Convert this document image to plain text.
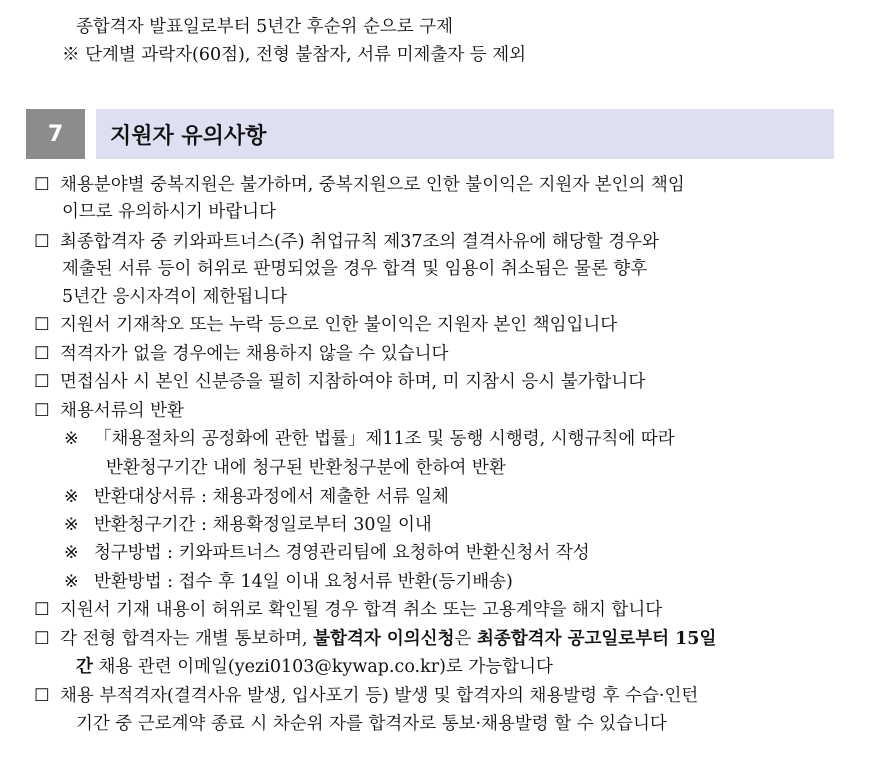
종합격자 발표일로부터 5년간 후순위 순으로 구제
※ 단계별 과락자(60점), 전형 불참자, 서류 미제출자 등 제외
7	지원자 유의사항
☐ 채용분야별 중복지원은 불가하며, 중복지원으로 인한 불이익은 지원자 본인의 책임
이므로 유의하시기 바랍니다
☐ 최종합격자 중 키와파트너스(주) 취업규칙 제37조의 결격사유에 해당할 경우와
제출된 서류 등이 허위로 판명되었을 경우 합격 및 임용이 취소됨은 물론 향후
5년간 응시자격이 제한됩니다
☐ 지원서 기재착오 또는 누락 등으로 인한 불이익은 지원자 본인 책임입니다
☐ 적격자가 없을 경우에는 채용하지 않을 수 있습니다
☐ 면접심사 시 본인 신분증을 필히 지참하여야 하며, 미 지참시 응시 불가합니다
☐ 채용서류의 반환
※ 「채용절차의 공정화에 관한 법률」제11조 및 동행 시행령, 시행규칙에 따라
반환청구기간 내에 청구된 반환청구분에 한하여 반환
※ 반환대상서류 : 채용과정에서 제출한 서류 일체
※ 반환청구기간 : 채용확정일로부터 30일 이내
※ 청구방법 : 키와파트너스 경영관리팀에 요청하여 반환신청서 작성
※ 반환방법 : 접수 후 14일 이내 요청서류 반환(등기배송)
☐ 지원서 기재 내용이 허위로 확인될 경우 합격 취소 또는 고용계약을 해지 합니다
☐ 각 전형 합격자는 개별 통보하며, 불합격자 이의신청은 최종합격자 공고일로부터 15일
간 채용 관련 이메일(yezi0103@kywap.co.kr)로 가능합니다
☐ 채용 부적격자(결격사유 발생, 입사포기 등) 발생 및 합격자의 채용발령 후 수습·인턴
기간 중 근로계약 종료 시 차순위 자를 합격자로 통보·채용발령 할 수 있습니다
